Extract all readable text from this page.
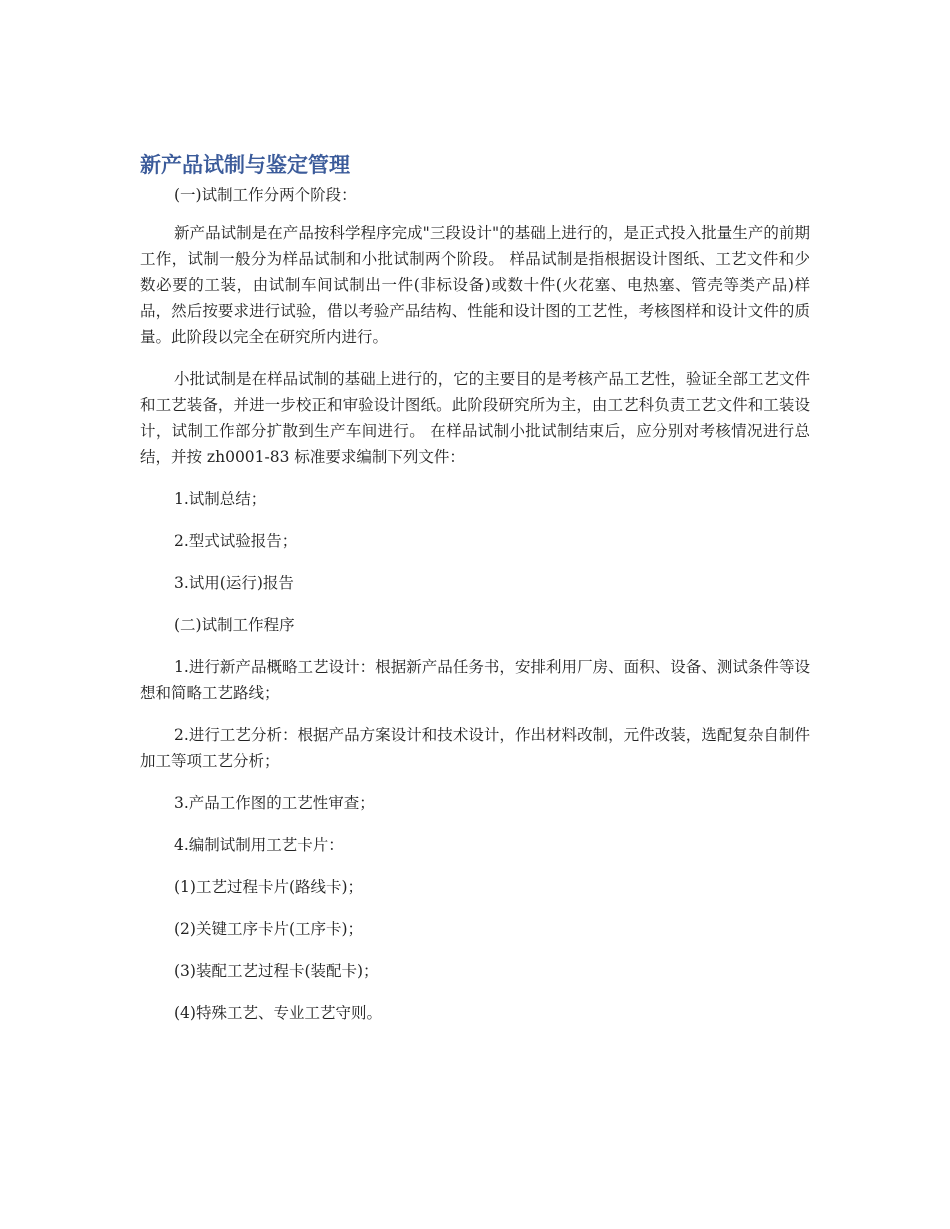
新产品试制与鉴定管理

(一)试制工作分两个阶段：

新产品试制是在产品按科学程序完成"三段设计"的基础上进行的，是正式投入批量生产的前期工作，试制一般分为样品试制和小批试制两个阶段。 样品试制是指根据设计图纸、工艺文件和少数必要的工装，由试制车间试制出一件(非标设备)或数十件(火花塞、电热塞、管壳等类产品)样品，然后按要求进行试验，借以考验产品结构、性能和设计图的工艺性，考核图样和设计文件的质量。此阶段以完全在研究所内进行。

小批试制是在样品试制的基础上进行的，它的主要目的是考核产品工艺性，验证全部工艺文件和工艺装备，并进一步校正和审验设计图纸。此阶段研究所为主，由工艺科负责工艺文件和工装设计，试制工作部分扩散到生产车间进行。 在样品试制小批试制结束后，应分别对考核情况进行总结，并按 zh0001-83 标准要求编制下列文件：

1.试制总结；

2.型式试验报告；

3.试用(运行)报告

(二)试制工作程序

1.进行新产品概略工艺设计：根据新产品任务书，安排利用厂房、面积、设备、测试条件等设想和简略工艺路线；

2.进行工艺分析：根据产品方案设计和技术设计，作出材料改制，元件改装，选配复杂自制件加工等项工艺分析；

3.产品工作图的工艺性审查；

4.编制试制用工艺卡片：

(1)工艺过程卡片(路线卡)；

(2)关键工序卡片(工序卡)；

(3)装配工艺过程卡(装配卡)；

(4)特殊工艺、专业工艺守则。
